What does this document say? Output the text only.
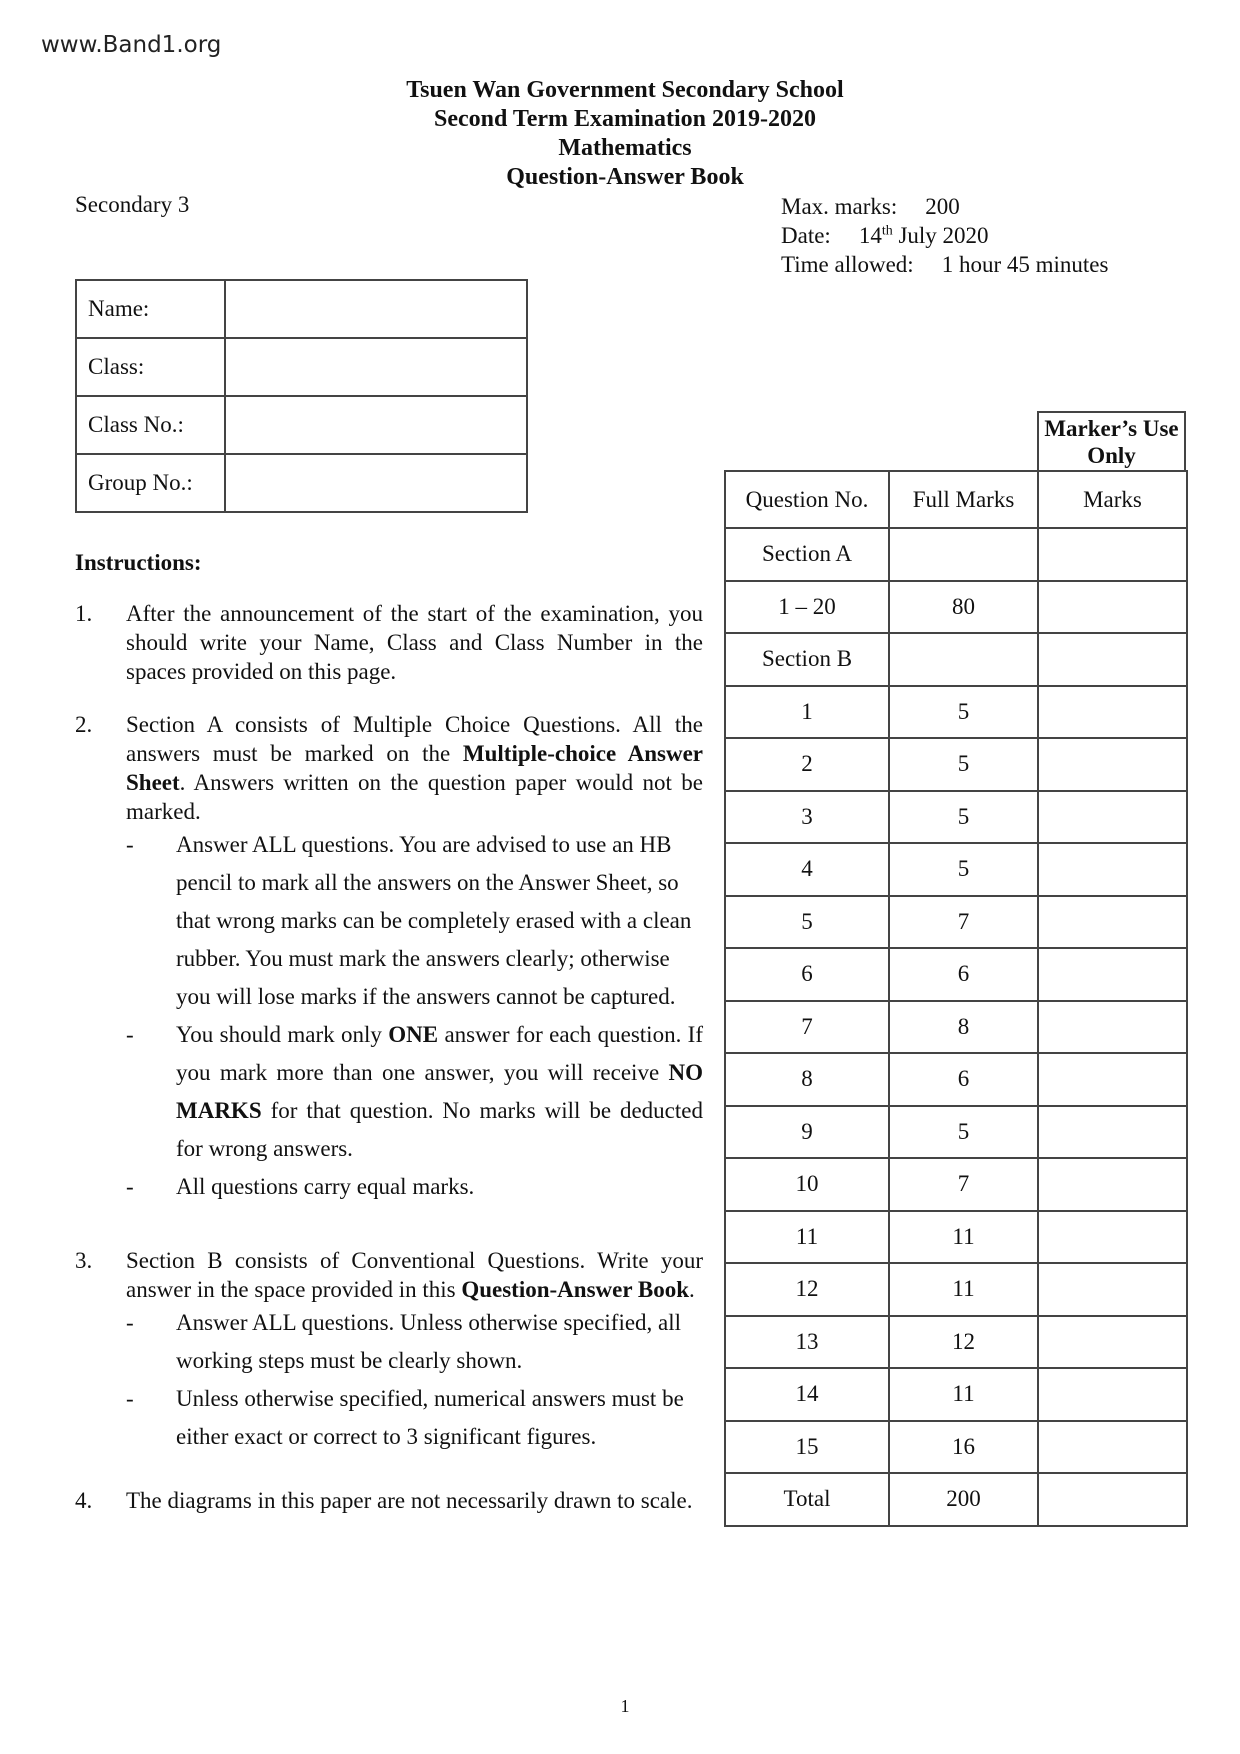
www.Band1.org
Tsuen Wan Government Secondary School
Second Term Examination 2019-2020
Mathematics
Question-Answer Book
Secondary 3	Max. marks: 200
Date: 14th July 2020
Time allowed: 1 hour 45 minutes
Name:	
Class:	
Class No.:	
Group No.:	
Instructions:
1.	After the announcement of the start of the examination, you should write your Name, Class and Class Number in the spaces provided on this page.

2.	Section A consists of Multiple Choice Questions. All the answers must be marked on the Multiple-choice Answer Sheet. Answers written on the question paper would not be marked.

-	Answer ALL questions. You are advised to use an HB pencil to mark all the answers on the Answer Sheet, so that wrong marks can be completely erased with a clean rubber. You must mark the answers clearly; otherwise you will lose marks if the answers cannot be captured.
-	You should mark only ONE answer for each question. If you mark more than one answer, you will receive NO MARKS for that question. No marks will be deducted for wrong answers.
-	All questions carry equal marks.
3.	Section B consists of Conventional Questions. Write your answer in the space provided in this Question-Answer Book.

-	Answer ALL questions. Unless otherwise specified, all working steps must be clearly shown.
-	Unless otherwise specified, numerical answers must be either exact or correct to 3 significant figures.
4.	The diagrams in this paper are not necessarily drawn to scale.

Marker’s Use Only
Question No.	Full Marks	Marks
Section A		
1 – 20	80	
Section B		
1	5	
2	5	
3	5	
4	5	
5	7	
6	6	
7	8	
8	6	
9	5	
10	7	
11	11	
12	11	
13	12	
14	11	
15	16	
Total	200	
1
